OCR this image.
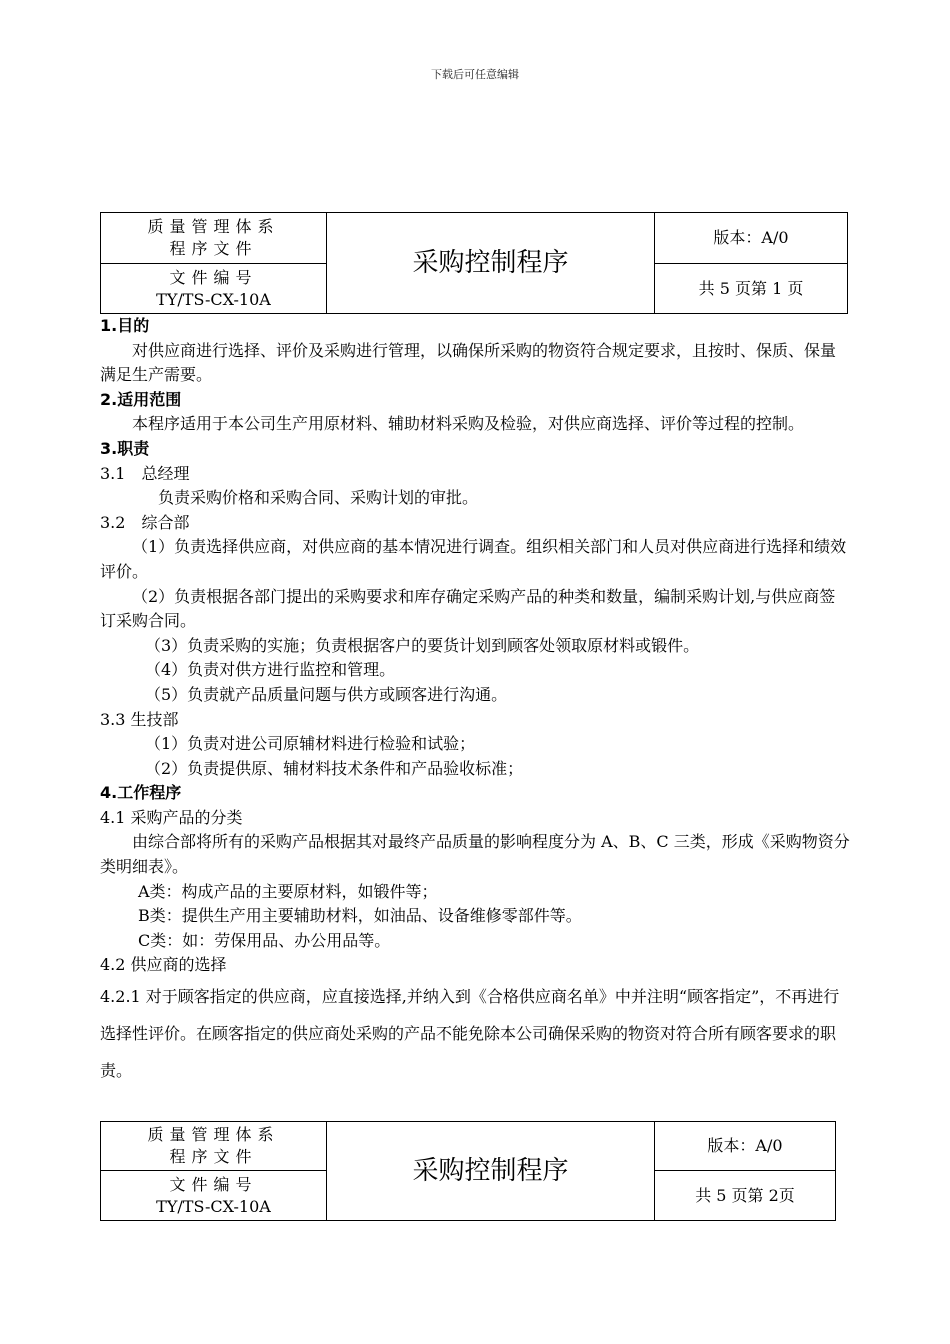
下载后可任意编辑
质量管理体系
程序文件	采购控制程序	版本：A/0

文件编号
TY/TS-CX-10A		共 5 页第 1 页

1.目的

对供应商进行选择、评价及采购进行管理，以确保所采购的物资符合规定要求，且按时、保质、保量满足生产需要。

2.适用范围

本程序适用于本公司生产用原材料、辅助材料采购及检验，对供应商选择、评价等过程的控制。

3.职责

3.1　总经理

负责采购价格和采购合同、采购计划的审批。

3.2　综合部

（1）负责选择供应商，对供应商的基本情况进行调查。组织相关部门和人员对供应商进行选择和绩效评价。

（2）负责根据各部门提出的采购要求和库存确定采购产品的种类和数量，编制采购计划,与供应商签订采购合同。

（3）负责采购的实施；负责根据客户的要货计划到顾客处领取原材料或锻件。

（4）负责对供方进行监控和管理。

（5）负责就产品质量问题与供方或顾客进行沟通。

3.3 生技部

（1）负责对进公司原辅材料进行检验和试验；

（2）负责提供原、辅材料技术条件和产品验收标准；

4.工作程序

4.1 采购产品的分类

由综合部将所有的采购产品根据其对最终产品质量的影响程度分为 A、B、C 三类，形成《采购物资分类明细表》。

A类：构成产品的主要原材料，如锻件等；

B类：提供生产用主要辅助材料，如油品、设备维修零部件等。

C类：如：劳保用品、办公用品等。

4.2 供应商的选择

4.2.1 对于顾客指定的供应商，应直接选择,并纳入到《合格供应商名单》中并注明“顾客指定”，不再进行选择性评价。在顾客指定的供应商处采购的产品不能免除本公司确保采购的物资对符合所有顾客要求的职责。

质量管理体系
程序文件	采购控制程序	版本：A/0

文件编号
TY/TS-CX-10A		共 5 页第 2页
